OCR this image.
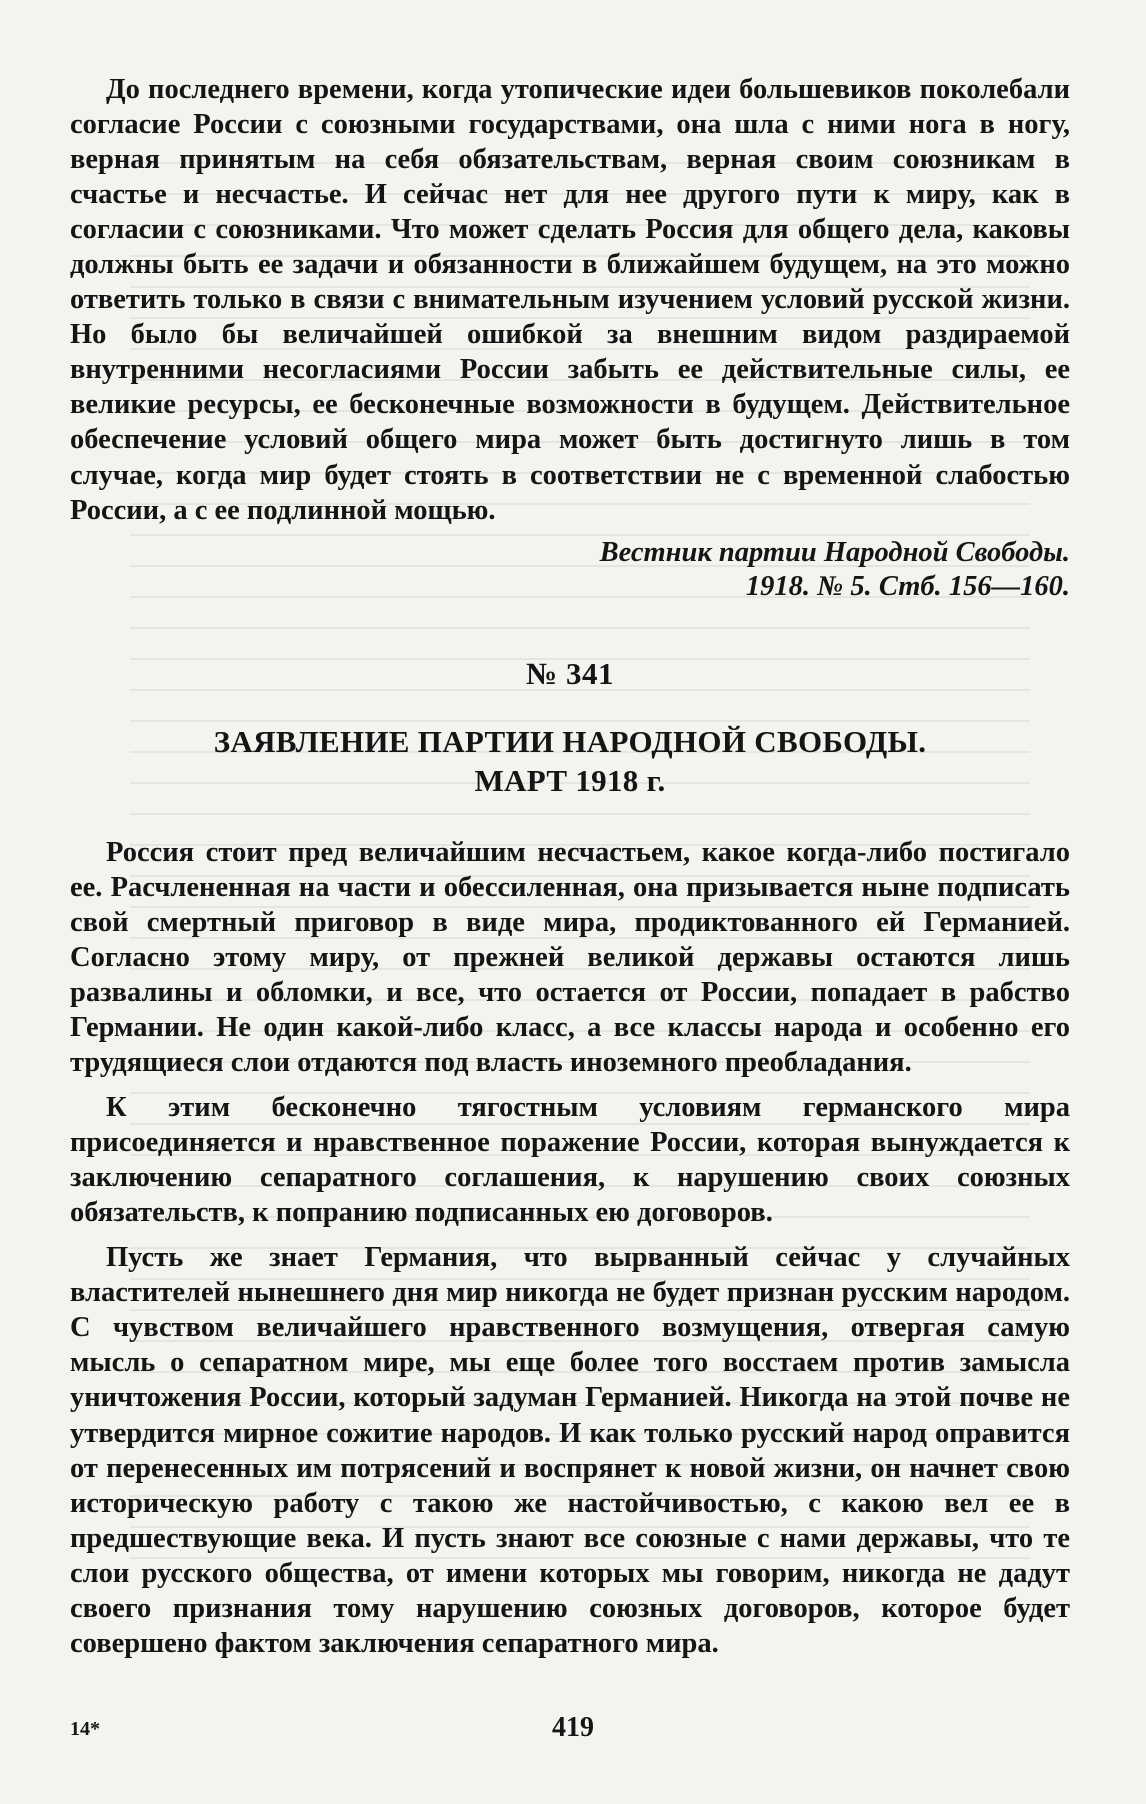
До последнего времени, когда утопические идеи большевиков поколебали согласие России с союзными государствами, она шла с ними нога в ногу, верная принятым на себя обязательствам, верная своим союзникам в счастье и несчастье. И сейчас нет для нее другого пути к миру, как в согласии с союзниками. Что может сделать Россия для общего дела, каковы должны быть ее задачи и обязанности в ближайшем будущем, на это можно ответить только в связи с внимательным изучением условий русской жизни. Но было бы величайшей ошибкой за внешним видом раздираемой внутренними несогласиями России забыть ее действительные силы, ее великие ресурсы, ее бесконечные возможности в будущем. Действительное обеспечение условий общего мира может быть достигнуто лишь в том случае, когда мир будет стоять в соответствии не с временной слабостью России, а с ее подлинной мощью.

Вестник партии Народной Свободы.
1918. № 5. Стб. 156—160.
№ 341
ЗАЯВЛЕНИЕ ПАРТИИ НАРОДНОЙ СВОБОДЫ.
МАРТ 1918 г.

Россия стоит пред величайшим несчастьем, какое когда-либо постигало ее. Расчлененная на части и обессиленная, она призывается ныне подписать свой смертный приговор в виде мира, продиктованного ей Германией. Согласно этому миру, от прежней великой державы остаются лишь развалины и обломки, и все, что остается от России, попадает в рабство Германии. Не один какой-либо класс, а все классы народа и особенно его трудящиеся слои отдаются под власть иноземного преобладания.

К этим бесконечно тягостным условиям германского мира присоединяется и нравственное поражение России, которая вынуждается к заключению сепаратного соглашения, к нарушению своих союзных обязательств, к попранию подписанных ею договоров.

Пусть же знает Германия, что вырванный сейчас у случайных властителей нынешнего дня мир никогда не будет признан русским народом. С чувством величайшего нравственного возмущения, отвергая самую мысль о сепаратном мире, мы еще более того восстаем против замысла уничтожения России, который задуман Германией. Никогда на этой почве не утвердится мирное сожитие народов. И как только русский народ оправится от перенесенных им потрясений и воспрянет к новой жизни, он начнет свою историческую работу с такою же настойчивостью, с какою вел ее в предшествующие века. И пусть знают все союзные с нами державы, что те слои русского общества, от имени которых мы говорим, никогда не дадут своего признания тому нарушению союзных договоров, которое будет совершено фактом заключения сепаратного мира.

14*	419
